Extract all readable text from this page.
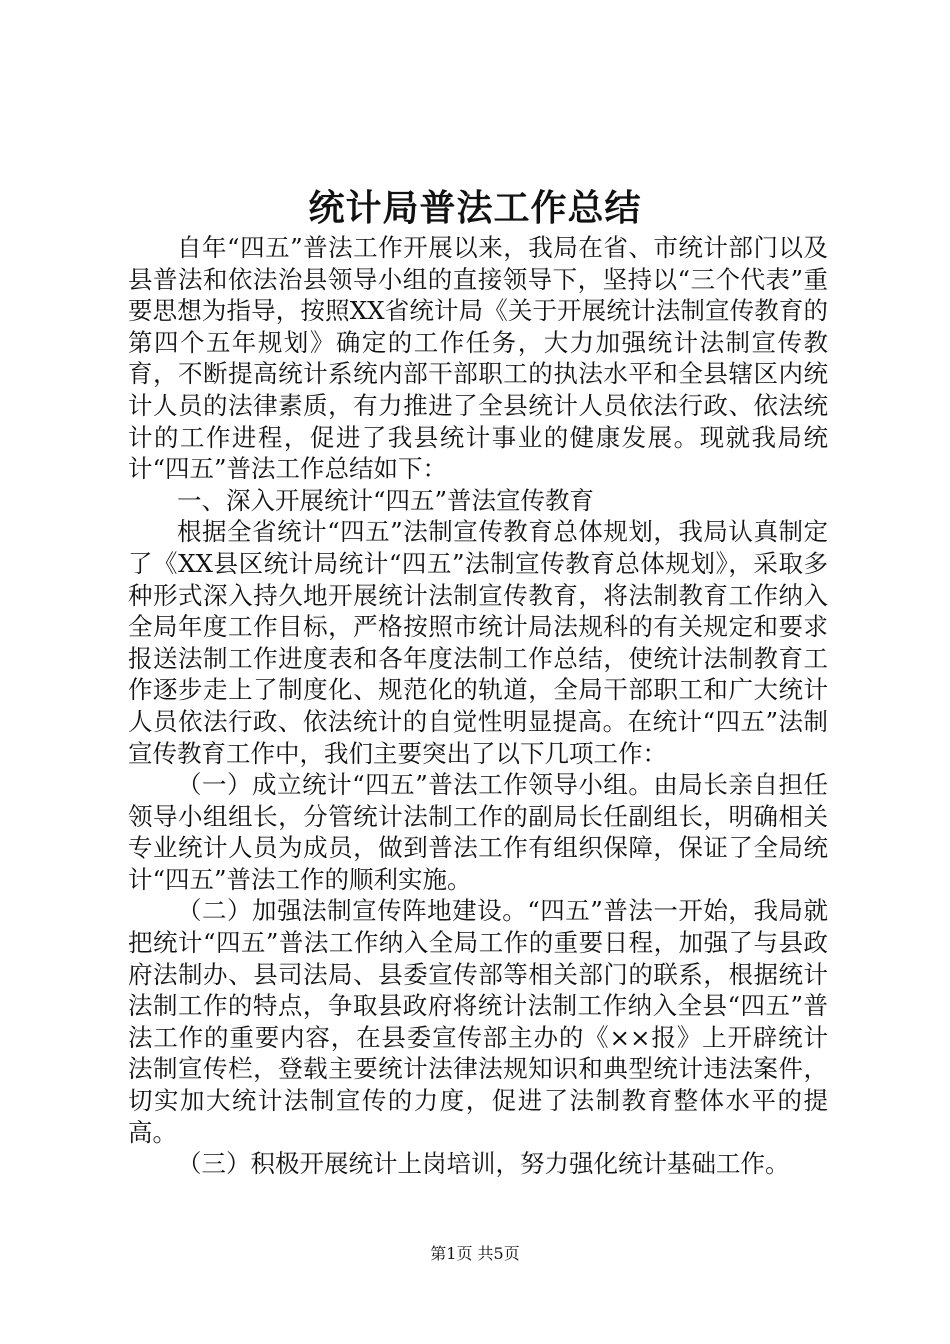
统计局普法工作总结

自年“四五”普法工作开展以来，我局在省、市统计部门以及县普法和依法治县领导小组的直接领导下，坚持以“三个代表”重要思想为指导，按照XX省统计局《关于开展统计法制宣传教育的第四个五年规划》确定的工作任务，大力加强统计法制宣传教育，不断提高统计系统内部干部职工的执法水平和全县辖区内统计人员的法律素质，有力推进了全县统计人员依法行政、依法统计的工作进程，促进了我县统计事业的健康发展。现就我局统计“四五”普法工作总结如下：

一、深入开展统计“四五”普法宣传教育

根据全省统计“四五”法制宣传教育总体规划，我局认真制定了《XX县区统计局统计“四五”法制宣传教育总体规划》，采取多种形式深入持久地开展统计法制宣传教育，将法制教育工作纳入全局年度工作目标，严格按照市统计局法规科的有关规定和要求报送法制工作进度表和各年度法制工作总结，使统计法制教育工作逐步走上了制度化、规范化的轨道，全局干部职工和广大统计人员依法行政、依法统计的自觉性明显提高。在统计“四五”法制宣传教育工作中，我们主要突出了以下几项工作：

（一）成立统计“四五”普法工作领导小组。由局长亲自担任领导小组组长，分管统计法制工作的副局长任副组长，明确相关专业统计人员为成员，做到普法工作有组织保障，保证了全局统计“四五”普法工作的顺利实施。

（二）加强法制宣传阵地建设。“四五”普法一开始，我局就把统计“四五”普法工作纳入全局工作的重要日程，加强了与县政府法制办、县司法局、县委宣传部等相关部门的联系，根据统计法制工作的特点，争取县政府将统计法制工作纳入全县“四五”普法工作的重要内容，在县委宣传部主办的《××报》上开辟统计法制宣传栏，登载主要统计法律法规知识和典型统计违法案件，切实加大统计法制宣传的力度，促进了法制教育整体水平的提高。

（三）积极开展统计上岗培训，努力强化统计基础工作。

第1页 共5页
